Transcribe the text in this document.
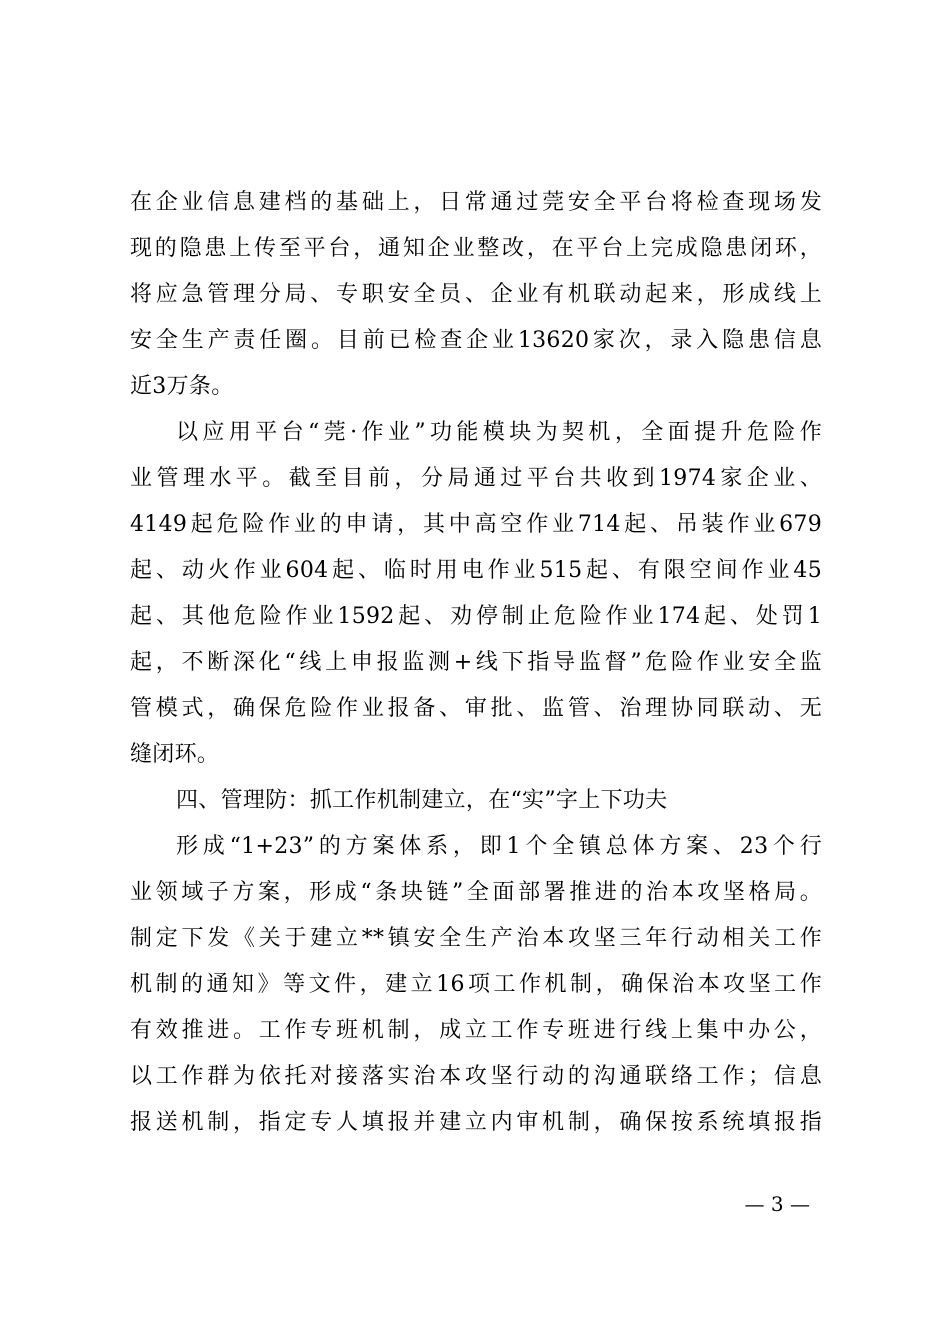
在企业信息建档的基础上，日常通过莞安全平台将检查现场发
现的隐患上传至平台，通知企业整改，在平台上完成隐患闭环，
将应急管理分局、专职安全员、企业有机联动起来，形成线上
安全生产责任圈。目前已检查企业13620家次，录入隐患信息
近3万条。
以应用平台“莞·作业”功能模块为契机，全面提升危险作
业管理水平。截至目前，分局通过平台共收到1974家企业、
4149起危险作业的申请，其中高空作业714起、吊装作业679
起、动火作业604起、临时用电作业515起、有限空间作业45
起、其他危险作业1592起、劝停制止危险作业174起、处罚1
起，不断深化“线上申报监测+线下指导监督”危险作业安全监
管模式，确保危险作业报备、审批、监管、治理协同联动、无
缝闭环。
四、管理防：抓工作机制建立，在“实”字上下功夫
形成“1+23”的方案体系，即1个全镇总体方案、23个行
业领域子方案，形成“条块链”全面部署推进的治本攻坚格局。
制定下发《关于建立**镇安全生产治本攻坚三年行动相关工作
机制的通知》等文件，建立16项工作机制，确保治本攻坚工作
有效推进。工作专班机制，成立工作专班进行线上集中办公，
以工作群为依托对接落实治本攻坚行动的沟通联络工作；信息
报送机制，指定专人填报并建立内审机制，确保按系统填报指
— 3 —
